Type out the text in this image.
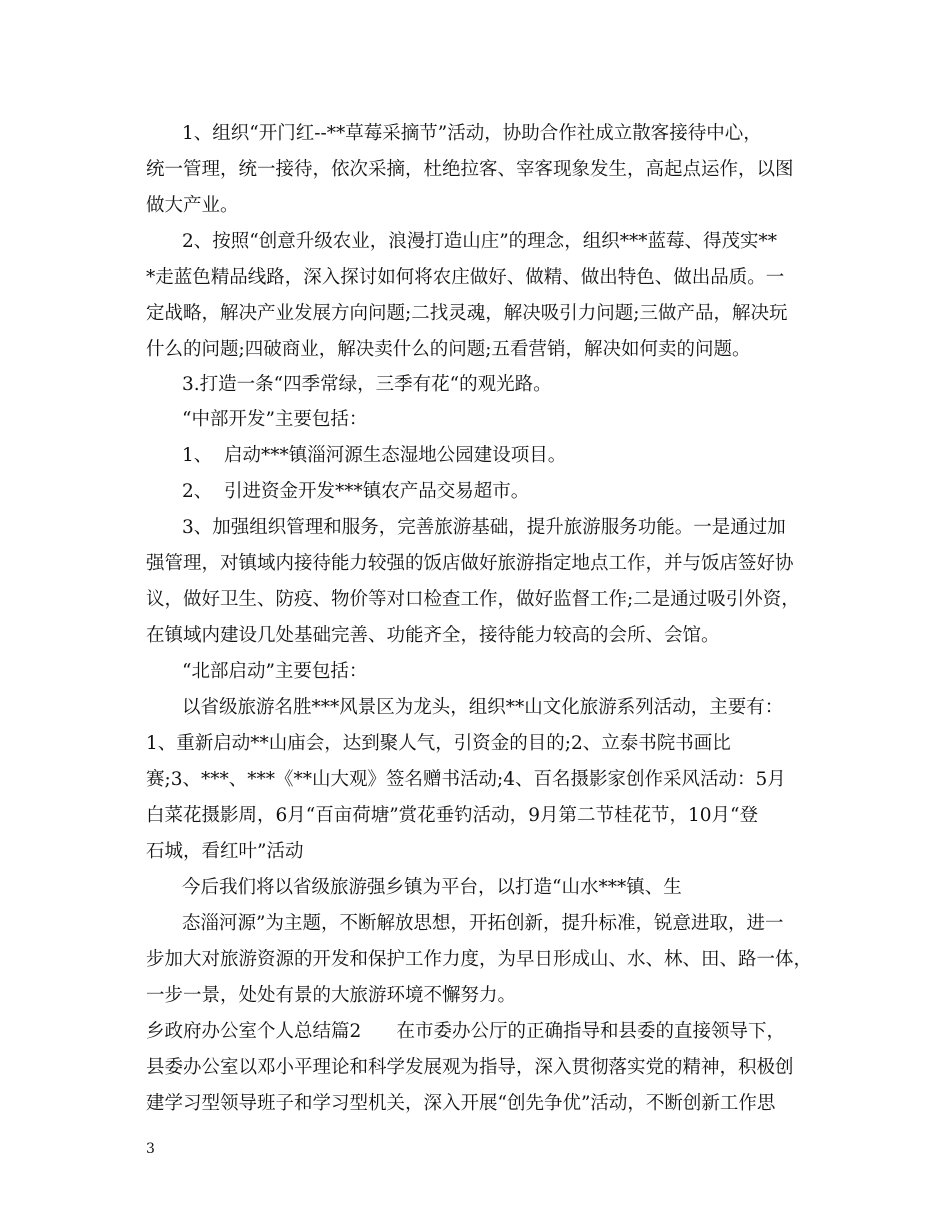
1、组织“开门红--**草莓采摘节”活动，协助合作社成立散客接待中心，

统一管理，统一接待，依次采摘，杜绝拉客、宰客现象发生，高起点运作，以图

做大产业。

2、按照“创意升级农业，浪漫打造山庄”的理念，组织***蓝莓、得茂实**

*走蓝色精品线路，深入探讨如何将农庄做好、做精、做出特色、做出品质。一

定战略，解决产业发展方向问题;二找灵魂，解决吸引力问题;三做产品，解决玩

什么的问题;四破商业，解决卖什么的问题;五看营销，解决如何卖的问题。

3.打造一条“四季常绿，三季有花“的观光路。

“中部开发”主要包括：

1、  启动***镇淄河源生态湿地公园建设项目。

2、  引进资金开发***镇农产品交易超市。

3、加强组织管理和服务，完善旅游基础，提升旅游服务功能。一是通过加

强管理，对镇域内接待能力较强的饭店做好旅游指定地点工作，并与饭店签好协

议，做好卫生、防疫、物价等对口检查工作，做好监督工作;二是通过吸引外资，

在镇域内建设几处基础完善、功能齐全，接待能力较高的会所、会馆。

“北部启动”主要包括：

以省级旅游名胜***风景区为龙头，组织**山文化旅游系列活动，主要有：

1、重新启动**山庙会，达到聚人气，引资金的目的;2、立泰书院书画比

赛;3、***、***《**山大观》签名赠书活动;4、百名摄影家创作采风活动：5月

白菜花摄影周，6月“百亩荷塘”赏花垂钓活动，9月第二节桂花节，10月“登

石城，看红叶”活动

今后我们将以省级旅游强乡镇为平台，以打造“山水***镇、生

态淄河源”为主题，不断解放思想，开拓创新，提升标准，锐意进取，进一

步加大对旅游资源的开发和保护工作力度，为早日形成山、水、林、田、路一体，

一步一景，处处有景的大旅游环境不懈努力。

乡政府办公室个人总结篇2      在市委办公厅的正确指导和县委的直接领导下，

县委办公室以邓小平理论和科学发展观为指导，深入贯彻落实党的精神，积极创

建学习型领导班子和学习型机关，深入开展“创先争优”活动，不断创新工作思

3
